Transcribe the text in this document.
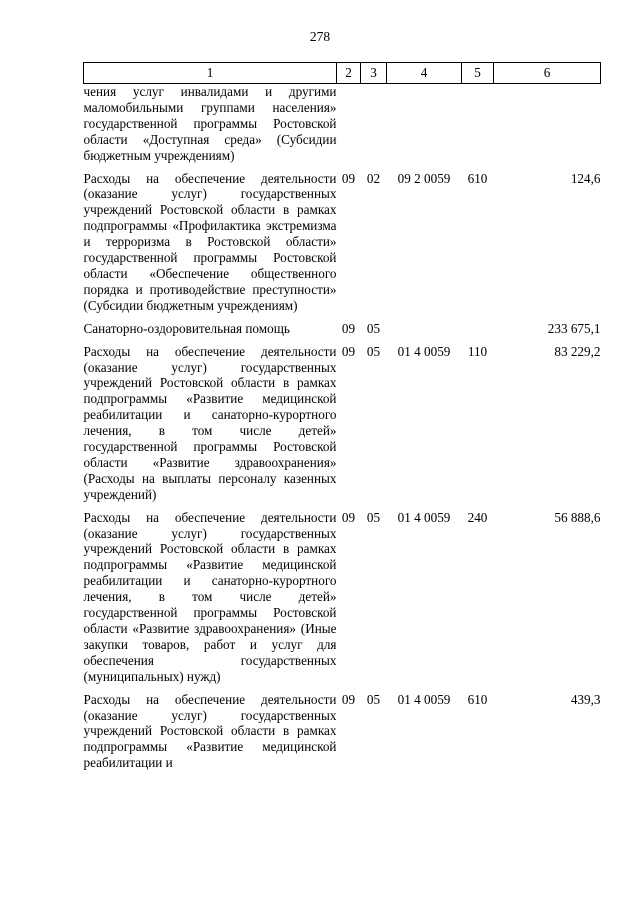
278
1	2	3	4	5	6
чения услуг инвалидами и другими маломобильными группами населения» государственной программы Ростовской области «Доступная среда» (Субсидии бюджетным учреждениям)					
Расходы на обеспечение деятельности (оказание услуг) государственных учреждений Ростовской области в рамках подпрограммы «Профилактика экстремизма и терроризма в Ростовской области» государственной программы Ростовской области «Обеспечение общественного порядка и противодействие преступности» (Субсидии бюджетным учреждениям)	09	02	09 2 0059	610	124,6
Санаторно-оздоровительная помощь	09	05			233 675,1
Расходы на обеспечение деятельности (оказание услуг) государственных учреждений Ростовской области в рамках подпрограммы «Развитие медицинской реабилитации и санаторно-курортного лечения, в том числе детей» государственной программы Ростовской области «Развитие здравоохранения» (Расходы на выплаты персоналу казенных учреждений)	09	05	01 4 0059	110	83 229,2
Расходы на обеспечение деятельности (оказание услуг) государственных учреждений Ростовской области в рамках подпрограммы «Развитие медицинской реабилитации и санаторно-курортного лечения, в том числе детей» государственной программы Ростовской области «Развитие здравоохранения» (Иные закупки товаров, работ и услуг для обеспечения государственных (муниципальных) нужд)	09	05	01 4 0059	240	56 888,6
Расходы на обеспечение деятельности (оказание услуг) государственных учреждений Ростовской области в рамках подпрограммы «Развитие медицинской реабилитации и	09	05	01 4 0059	610	439,3
